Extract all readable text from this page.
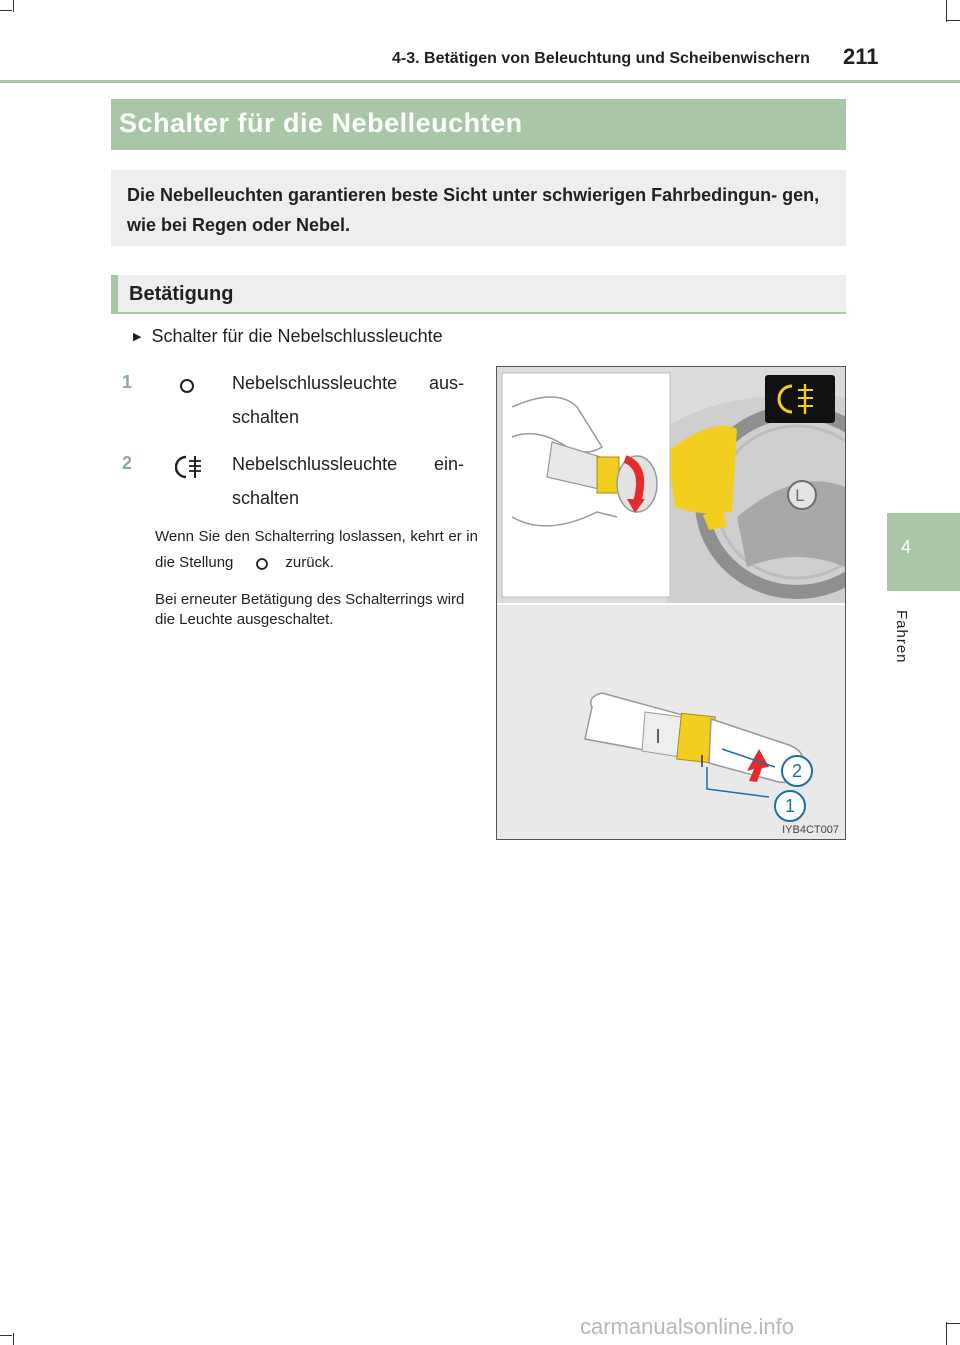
4-3. Betätigen von Beleuchtung und Scheibenwischern 211
Schalter für die Nebelleuchten
Die Nebelleuchten garantieren beste Sicht unter schwierigen Fahrbedingun- gen, wie bei Regen oder Nebel.
Betätigung
▶ Schalter für die Nebelschlussleuchte
1	Nebelschlussleuchte aus- schalten
2	Nebelschlussleuchte ein- schalten
Wenn Sie den Schalterring loslassen, kehrt er in die Stellung	zurück.
Bei erneuter Betätigung des Schalterrings wird die Leuchte ausgeschaltet.
L
2
1
IYB4CT007
4
Fahren
carmanualsonline.info
